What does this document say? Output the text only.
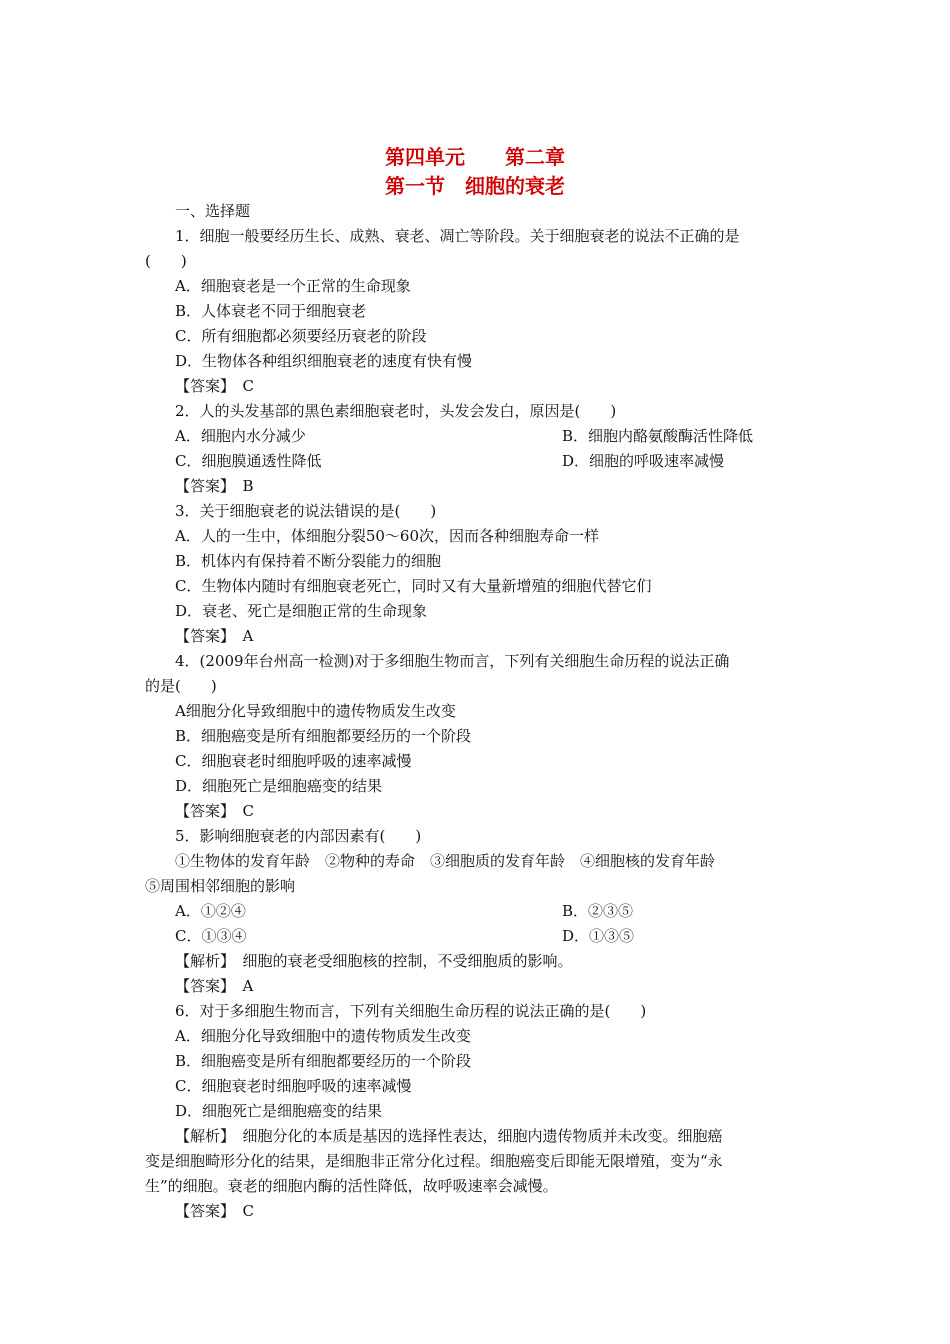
第四单元　　第二章
第一节　细胞的衰老
一、选择题
1．细胞一般要经历生长、成熟、衰老、凋亡等阶段。关于细胞衰老的说法不正确的是
(　　)
A．细胞衰老是一个正常的生命现象
B．人体衰老不同于细胞衰老
C．所有细胞都必须要经历衰老的阶段
D．生物体各种组织细胞衰老的速度有快有慢
【答案】　C
2．人的头发基部的黑色素细胞衰老时，头发会发白，原因是(　　)
A．细胞内水分减少	B．细胞内酪氨酸酶活性降低
C．细胞膜通透性降低	D．细胞的呼吸速率减慢
【答案】　B
3．关于细胞衰老的说法错误的是(　　)
A．人的一生中，体细胞分裂50～60次，因而各种细胞寿命一样
B．机体内有保持着不断分裂能力的细胞
C．生物体内随时有细胞衰老死亡，同时又有大量新增殖的细胞代替它们
D．衰老、死亡是细胞正常的生命现象
【答案】　A
4．(2009年台州高一检测)对于多细胞生物而言，下列有关细胞生命历程的说法正确
的是(　　)
A细胞分化导致细胞中的遗传物质发生改变
B．细胞癌变是所有细胞都要经历的一个阶段
C．细胞衰老时细胞呼吸的速率减慢
D．细胞死亡是细胞癌变的结果
【答案】　C
5．影响细胞衰老的内部因素有(　　)
①生物体的发育年龄　②物种的寿命　③细胞质的发育年龄　④细胞核的发育年龄
⑤周围相邻细胞的影响
A．①②④	B．②③⑤
C．①③④	D．①③⑤
【解析】　细胞的衰老受细胞核的控制，不受细胞质的影响。
【答案】　A
6．对于多细胞生物而言，下列有关细胞生命历程的说法正确的是(　　)
A．细胞分化导致细胞中的遗传物质发生改变
B．细胞癌变是所有细胞都要经历的一个阶段
C．细胞衰老时细胞呼吸的速率减慢
D．细胞死亡是细胞癌变的结果
【解析】　细胞分化的本质是基因的选择性表达，细胞内遗传物质并未改变。细胞癌
变是细胞畸形分化的结果，是细胞非正常分化过程。细胞癌变后即能无限增殖，变为“永
生”的细胞。衰老的细胞内酶的活性降低，故呼吸速率会减慢。
【答案】　C
